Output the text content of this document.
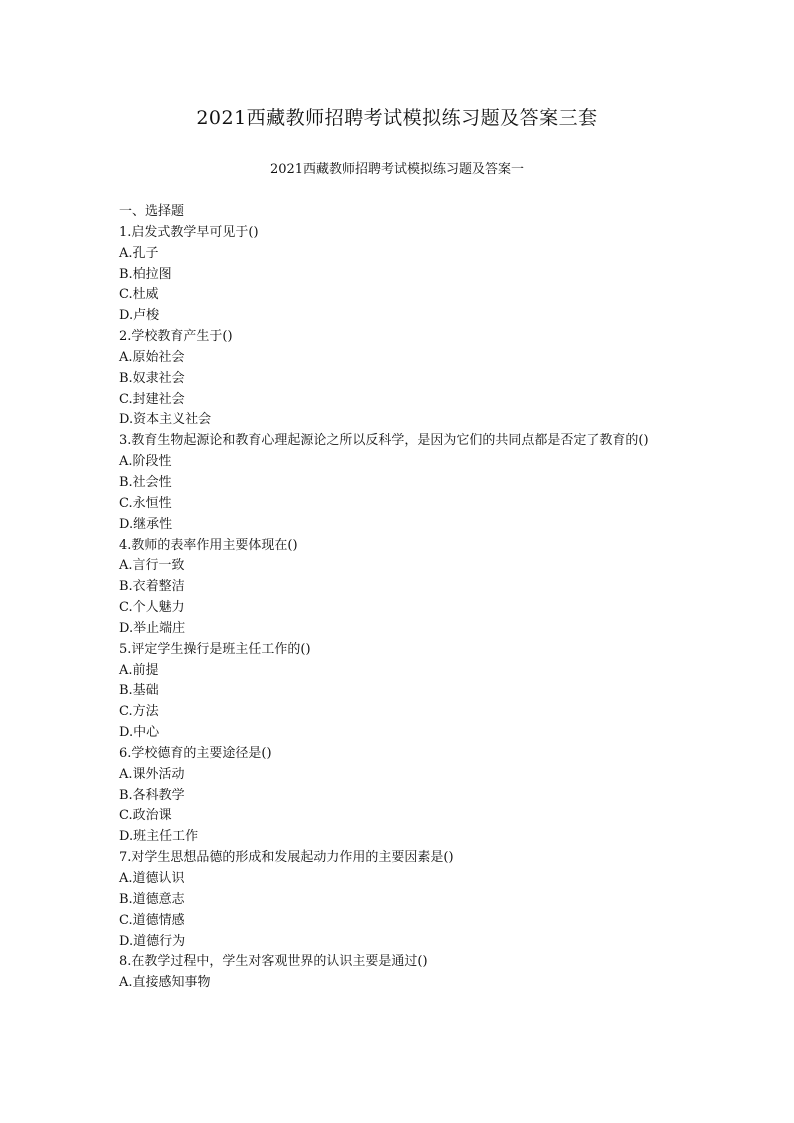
2021西藏教师招聘考试模拟练习题及答案三套
2021西藏教师招聘考试模拟练习题及答案一
一、选择题
1.启发式教学早可见于()
A.孔子
B.柏拉图
C.杜威
D.卢梭
2.学校教育产生于()
A.原始社会
B.奴隶社会
C.封建社会
D.资本主义社会
3.教育生物起源论和教育心理起源论之所以反科学，是因为它们的共同点都是否定了教育的()
A.阶段性
B.社会性
C.永恒性
D.继承性
4.教师的表率作用主要体现在()
A.言行一致
B.衣着整洁
C.个人魅力
D.举止端庄
5.评定学生操行是班主任工作的()
A.前提
B.基础
C.方法
D.中心
6.学校德育的主要途径是()
A.课外活动
B.各科教学
C.政治课
D.班主任工作
7.对学生思想品德的形成和发展起动力作用的主要因素是()
A.道德认识
B.道德意志
C.道德情感
D.道德行为
8.在教学过程中，学生对客观世界的认识主要是通过()
A.直接感知事物
